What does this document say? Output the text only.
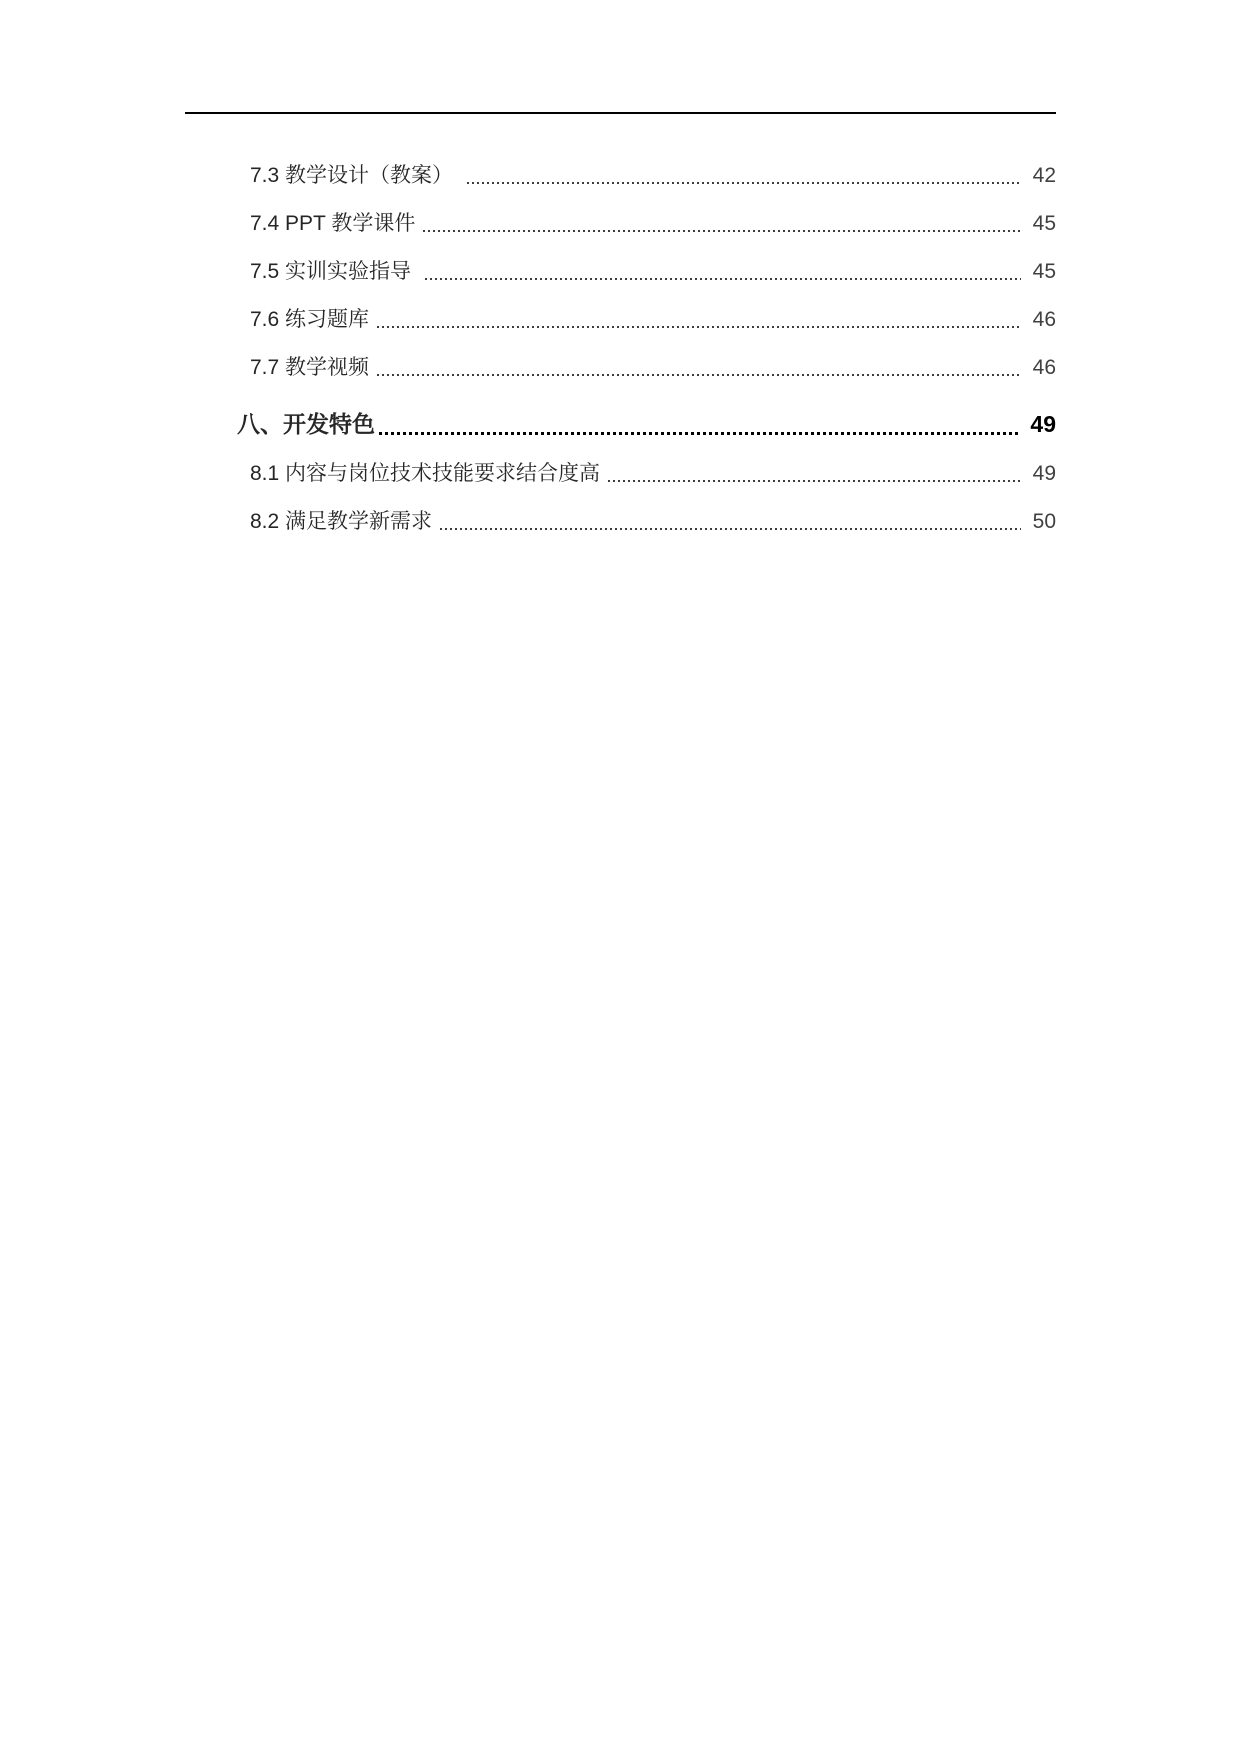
7.3 教学设计（教案）	42
7.4 PPT 教学课件	45
7.5 实训实验指导	45
7.6 练习题库	46
7.7 教学视频	46
八、开发特色	49
8.1 内容与岗位技术技能要求结合度高	49
8.2 满足教学新需求	50
